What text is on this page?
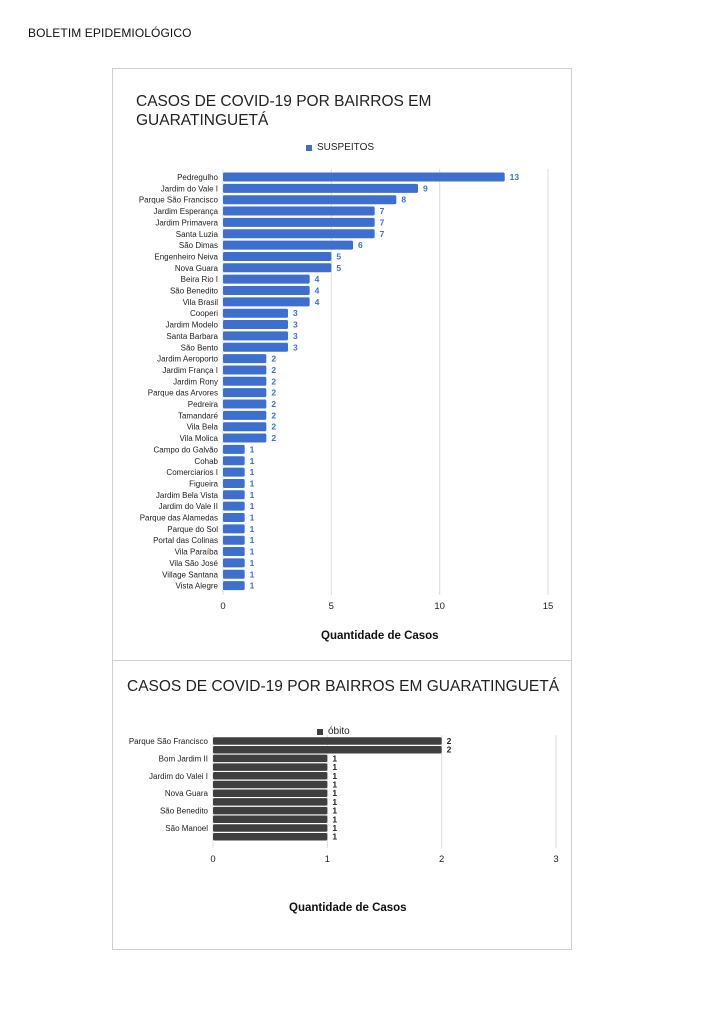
BOLETIM EPIDEMIOLÓGICO
CASOS DE COVID-19 POR BAIRROS EM GUARATINGUETÁ
SUSPEITOS
0	5	10	15
Pedregulho	13
Jardim do Vale I	9
Parque São Francisco	8
Jardim Esperança	7
Jardim Primavera	7
Santa Luzia	7
São Dimas	6
Engenheiro Neiva	5
Nova Guara	5
Beira Rio I	4
São Benedito	4
Vila Brasil	4
Cooperi	3
Jardim Modelo	3
Santa Barbara	3
São Bento	3
Jardim Aeroporto	2
Jardim França I	2
Jardim Rony	2
Parque das Arvores	2
Pedreira	2
Tamandaré	2
Vila Bela	2
Vila Molica	2
Campo do Galvão	1
Cohab	1
Comerciarios I	1
Figueira	1
Jardim Bela Vista	1
Jardim do Vale II	1
Parque das Alamedas	1
Parque do Sol	1
Portal das Colinas	1
Vila Paraíba	1
Vila São José	1
Village Santana	1
Vista Alegre	1
Quantidade de Casos
CASOS DE COVID-19 POR BAIRROS EM GUARATINGUETÁ
óbito
0	1	2	3
Parque São Francisco	2
2
Bom Jardim II	1
1
Jardim do Valei I	1
1
Nova Guara	1
1
São Benedito	1
1
São Manoel	1
1
Quantidade de Casos
